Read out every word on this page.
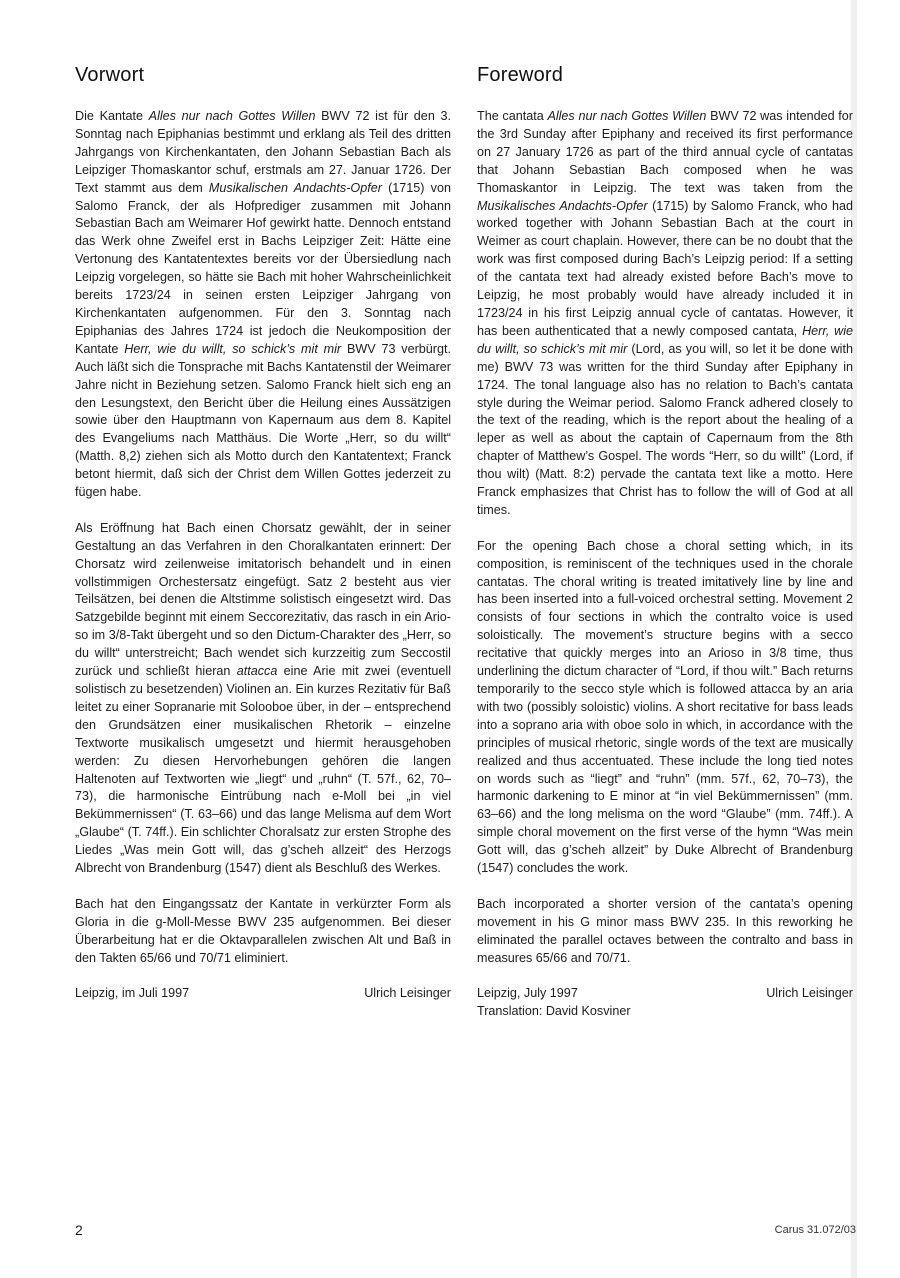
Vorwort

Die Kantate Alles nur nach Gottes Willen BWV 72 ist für den 3. Sonntag nach Epiphanias bestimmt und erklang als Teil des dritten Jahrgangs von Kirchenkantaten, den Johann Sebastian Bach als Leipziger Thomaskantor schuf, erstmals am 27. Januar 1726. Der Text stammt aus dem Musikalischen Andachts-Opfer (1715) von Salomo Franck, der als Hofprediger zusammen mit Johann Sebastian Bach am Weimarer Hof gewirkt hatte. Dennoch entstand das Werk ohne Zweifel erst in Bachs Leipziger Zeit: Hätte eine Vertonung des Kantatentextes bereits vor der Übersiedlung nach Leipzig vorgelegen, so hätte sie Bach mit hoher Wahrscheinlichkeit bereits 1723/24 in seinen ersten Leipziger Jahrgang von Kirchenkantaten aufgenommen. Für den 3. Sonntag nach Epiphanias des Jahres 1724 ist jedoch die Neukomposition der Kantate Herr, wie du willt, so schick’s mit mir BWV 73 verbürgt. Auch läßt sich die Tonsprache mit Bachs Kantatenstil der Weimarer Jahre nicht in Beziehung setzen. Salomo Franck hielt sich eng an den Lesungstext, den Bericht über die Heilung eines Aussätzigen sowie über den Hauptmann von Kapernaum aus dem 8. Kapitel des Evangeliums nach Matthäus. Die Worte „Herr, so du willt“ (Matth. 8,2) ziehen sich als Motto durch den Kantatentext; Franck betont hiermit, daß sich der Christ dem Willen Gottes jederzeit zu fügen habe.

Als Eröffnung hat Bach einen Chorsatz gewählt, der in seiner Gestaltung an das Verfahren in den Choralkantaten erinnert: Der Chorsatz wird zeilenweise imitatorisch behandelt und in einen vollstimmigen Orchestersatz eingefügt. Satz 2 besteht aus vier Teilsätzen, bei denen die Altstimme solistisch eingesetzt wird. Das Satzgebilde beginnt mit einem Seccorezitativ, das rasch in ein Arioso im 3/8-Takt übergeht und so den Dictum-Charakter des „Herr, so du willt“ unterstreicht; Bach wendet sich kurzzeitig zum Seccostil zurück und schließt hieran attacca eine Arie mit zwei (eventuell solistisch zu besetzenden) Violinen an. Ein kurzes Rezitativ für Baß leitet zu einer Sopranarie mit Solooboe über, in der – entsprechend den Grundsätzen einer musikalischen Rhetorik – einzelne Textworte musikalisch umgesetzt und hiermit herausgehoben werden: Zu diesen Hervorhebungen gehören die langen Haltenoten auf Textworten wie „liegt“ und „ruhn“ (T. 57f., 62, 70–73), die harmonische Eintrübung nach e-Moll bei „in viel Bekümmernissen“ (T. 63–66) und das lange Melisma auf dem Wort „Glaube“ (T. 74ff.). Ein schlichter Choralsatz zur ersten Strophe des Liedes „Was mein Gott will, das g’scheh allzeit“ des Herzogs Albrecht von Brandenburg (1547) dient als Beschluß des Werkes.

Bach hat den Eingangssatz der Kantate in verkürzter Form als Gloria in die g-Moll-Messe BWV 235 aufgenommen. Bei dieser Überarbeitung hat er die Oktavparallelen zwischen Alt und Baß in den Takten 65/66 und 70/71 eliminiert.

Leipzig, im Juli 1997	Ulrich Leisinger
Foreword

The cantata Alles nur nach Gottes Willen BWV 72 was intended for the 3rd Sunday after Epiphany and received its first performance on 27 January 1726 as part of the third annual cycle of cantatas that Johann Sebastian Bach composed when he was Thomaskantor in Leipzig. The text was taken from the Musikalisches Andachts-Opfer (1715) by Salomo Franck, who had worked together with Johann Sebastian Bach at the court in Weimer as court chaplain. However, there can be no doubt that the work was first composed during Bach’s Leipzig period: If a setting of the cantata text had already existed before Bach’s move to Leipzig, he most probably would have already included it in 1723/24 in his first Leipzig annual cycle of cantatas. However, it has been authenticated that a newly composed cantata, Herr, wie du willt, so schick’s mit mir (Lord, as you will, so let it be done with me) BWV 73 was written for the third Sunday after Epiphany in 1724. The tonal language also has no relation to Bach’s cantata style during the Weimar period. Salomo Franck adhered closely to the text of the reading, which is the report about the healing of a leper as well as about the captain of Capernaum from the 8th chapter of Matthew’s Gospel. The words “Herr, so du willt” (Lord, if thou wilt) (Matt. 8:2) pervade the cantata text like a motto. Here Franck emphasizes that Christ has to follow the will of God at all times.

For the opening Bach chose a choral setting which, in its composition, is reminiscent of the techniques used in the chorale cantatas. The choral writing is treated imitatively line by line and has been inserted into a full-voiced orchestral setting. Movement 2 consists of four sections in which the contralto voice is used soloistically. The movement’s structure begins with a secco recitative that quickly merges into an Arioso in 3/8 time, thus underlining the dictum character of “Lord, if thou wilt.” Bach returns temporarily to the secco style which is followed attacca by an aria with two (possibly soloistic) violins. A short recitative for bass leads into a soprano aria with oboe solo in which, in accordance with the principles of musical rhetoric, single words of the text are musically realized and thus accentuated. These include the long tied notes on words such as “liegt” and “ruhn” (mm. 57f., 62, 70–73), the harmonic darkening to E minor at “in viel Bekümmernissen” (mm. 63–66) and the long melisma on the word “Glaube” (mm. 74ff.). A simple choral movement on the first verse of the hymn “Was mein Gott will, das g’scheh allzeit” by Duke Albrecht of Brandenburg (1547) concludes the work.

Bach incorporated a shorter version of the cantata’s opening movement in his G minor mass BWV 235. In this reworking he eliminated the parallel octaves between the contralto and bass in measures 65/66 and 70/71.

Leipzig, July 1997	Ulrich Leisinger
Translation: David Kosviner
2	Carus 31.072/03
